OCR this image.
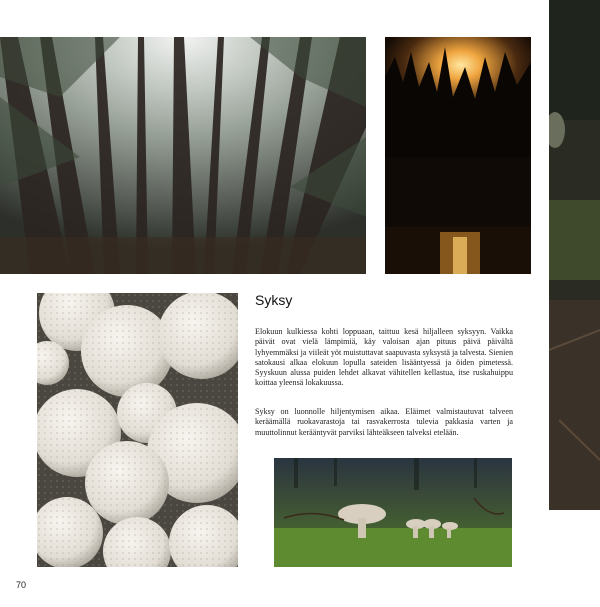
Syksy

Elokuun kulkiessa kohti loppuaan, taittuu kesä hiljalleen syksyyn. Vaikka päivät ovat vielä lämpimiä, käy valoisan ajan pituus päivä päivältä lyhyemmäksi ja viileät yöt muistuttavat saapuvasta syksystä ja talvesta. Sienien satokausi alkaa elokuun lopulla sateiden lisääntyessä ja öiden pimetessä. Syyskuun alussa puiden lehdet alkavat vähitellen kellastua, itse ruskahuippu koittaa yleensä lokakuussa.

Syksy on luonnolle hiljentymisen aikaa. Eläimet valmistautuvat talveen keräämällä ruokavarastoja tai rasvakerrosta tulevia pakkasia varten ja muuttolinnut kerääntyvät parviksi lähteäkseen talveksi etelään.

70
